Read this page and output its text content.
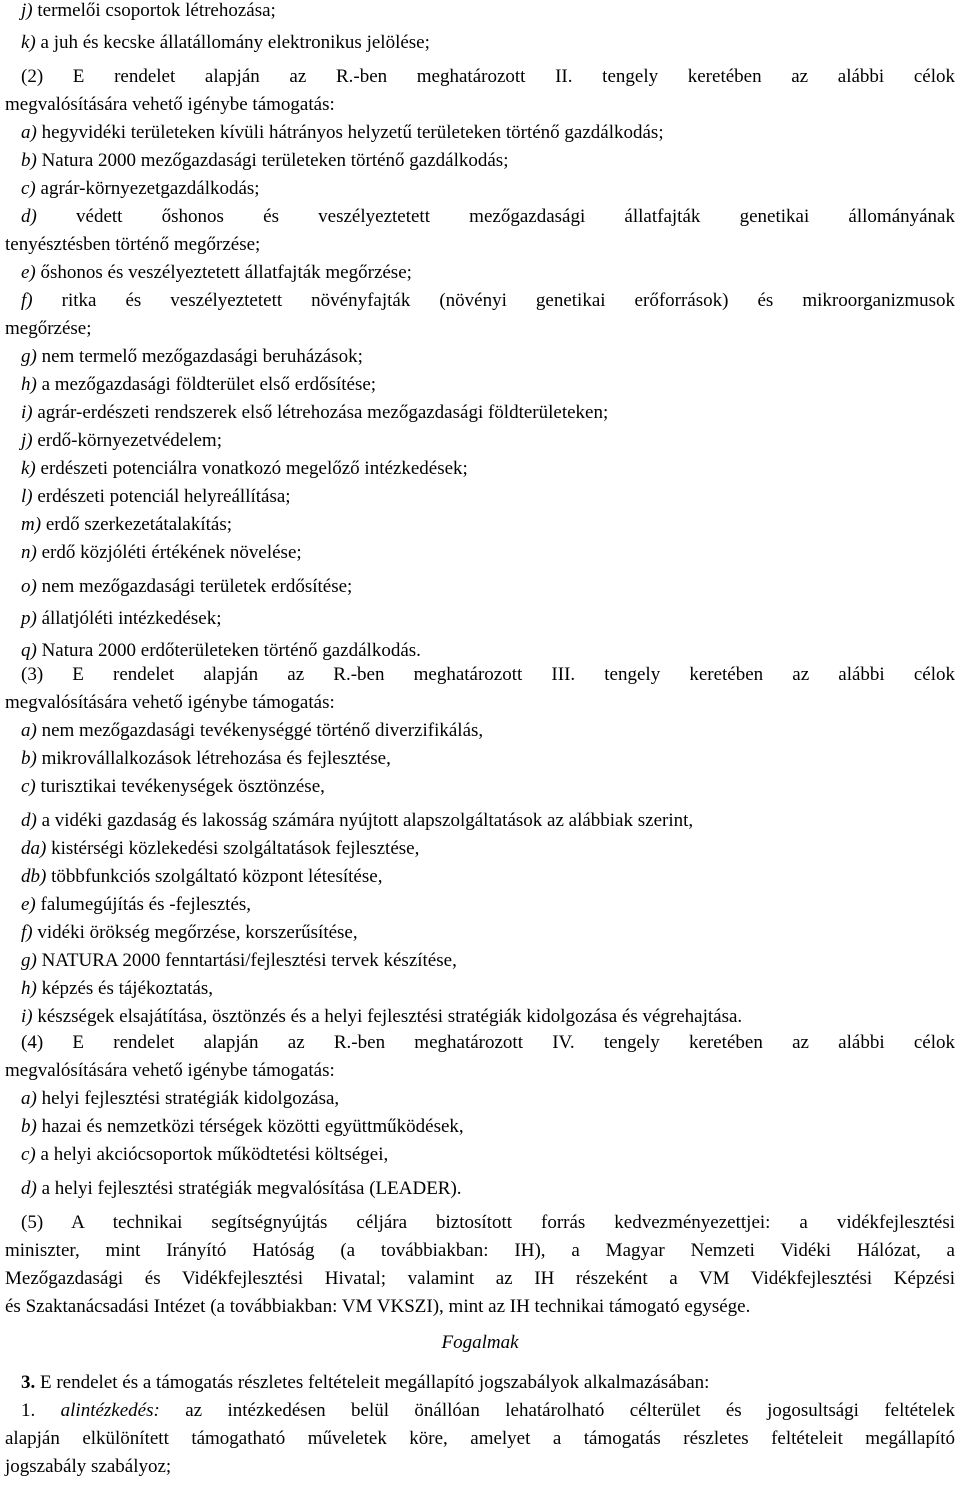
j) termelői csoportok létrehozása;
k) a juh és kecske állatállomány elektronikus jelölése;
(2) E rendelet alapján az R.-ben meghatározott II. tengely keretében az alábbi célok
megvalósítására vehető igénybe támogatás:
a) hegyvidéki területeken kívüli hátrányos helyzetű területeken történő gazdálkodás;
b) Natura 2000 mezőgazdasági területeken történő gazdálkodás;
c) agrár-környezetgazdálkodás;
d) védett őshonos és veszélyeztetett mezőgazdasági állatfajták genetikai állományának
tenyésztésben történő megőrzése;
e) őshonos és veszélyeztetett állatfajták megőrzése;
f) ritka és veszélyeztetett növényfajták (növényi genetikai erőforrások) és mikroorganizmusok
megőrzése;
g) nem termelő mezőgazdasági beruházások;
h) a mezőgazdasági földterület első erdősítése;
i) agrár-erdészeti rendszerek első létrehozása mezőgazdasági földterületeken;
j) erdő-környezetvédelem;
k) erdészeti potenciálra vonatkozó megelőző intézkedések;
l) erdészeti potenciál helyreállítása;
m) erdő szerkezetátalakítás;
n) erdő közjóléti értékének növelése;
o) nem mezőgazdasági területek erdősítése;
p) állatjóléti intézkedések;
q) Natura 2000 erdőterületeken történő gazdálkodás.
(3) E rendelet alapján az R.-ben meghatározott III. tengely keretében az alábbi célok
megvalósítására vehető igénybe támogatás:
a) nem mezőgazdasági tevékenységgé történő diverzifikálás,
b) mikrovállalkozások létrehozása és fejlesztése,
c) turisztikai tevékenységek ösztönzése,
d) a vidéki gazdaság és lakosság számára nyújtott alapszolgáltatások az alábbiak szerint,
da) kistérségi közlekedési szolgáltatások fejlesztése,
db) többfunkciós szolgáltató központ létesítése,
e) falumegújítás és -fejlesztés,
f) vidéki örökség megőrzése, korszerűsítése,
g) NATURA 2000 fenntartási/fejlesztési tervek készítése,
h) képzés és tájékoztatás,
i) készségek elsajátítása, ösztönzés és a helyi fejlesztési stratégiák kidolgozása és végrehajtása.
(4) E rendelet alapján az R.-ben meghatározott IV. tengely keretében az alábbi célok
megvalósítására vehető igénybe támogatás:
a) helyi fejlesztési stratégiák kidolgozása,
b) hazai és nemzetközi térségek közötti együttműködések,
c) a helyi akciócsoportok működtetési költségei,
d) a helyi fejlesztési stratégiák megvalósítása (LEADER).
(5) A technikai segítségnyújtás céljára biztosított forrás kedvezményezettjei: a vidékfejlesztési
miniszter, mint Irányító Hatóság (a továbbiakban: IH), a Magyar Nemzeti Vidéki Hálózat, a
Mezőgazdasági és Vidékfejlesztési Hivatal; valamint az IH részeként a VM Vidékfejlesztési Képzési
és Szaktanácsadási Intézet (a továbbiakban: VM VKSZI), mint az IH technikai támogató egysége.
Fogalmak
3. E rendelet és a támogatás részletes feltételeit megállapító jogszabályok alkalmazásában:
1. alintézkedés: az intézkedésen belül önállóan lehatárolható célterület és jogosultsági feltételek
alapján elkülönített támogatható műveletek köre, amelyet a támogatás részletes feltételeit megállapító
jogszabály szabályoz;
